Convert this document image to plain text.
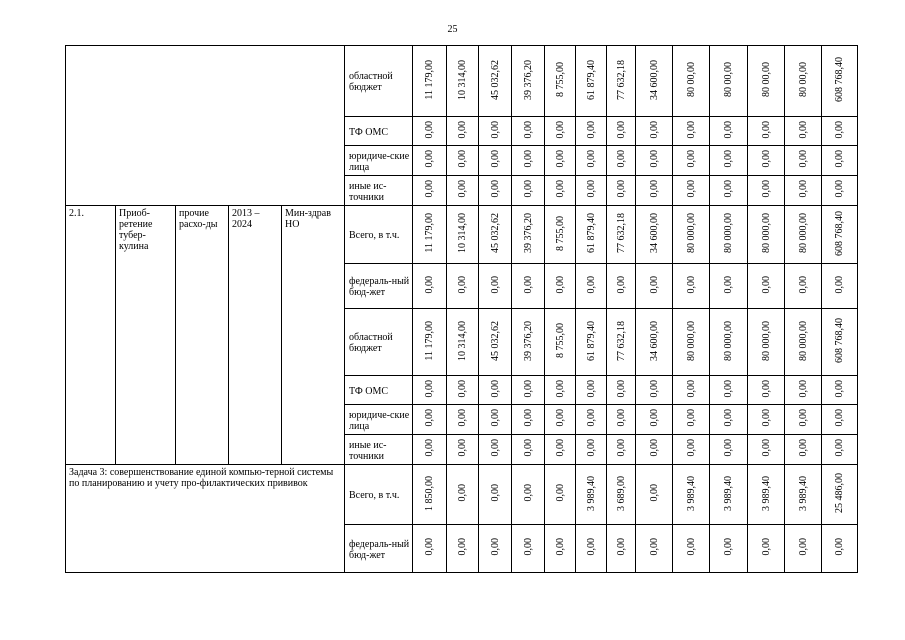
25
					областной бюджет	11 179,00	10 314,00	45 032,62	39 376,20	8 755,00	61 879,40	77 632,18	34 600,00	80 00,00	80 00,00	80 00,00	80 00,00	608 768,40
					ТФ ОМС	0,00	0,00	0,00	0,00	0,00	0,00	0,00	0,00	0,00	0,00	0,00	0,00	0,00
					юридиче-ские лица	0,00	0,00	0,00	0,00	0,00	0,00	0,00	0,00	0,00	0,00	0,00	0,00	0,00
					иные ис-точники	0,00	0,00	0,00	0,00	0,00	0,00	0,00	0,00	0,00	0,00	0,00	0,00	0,00
2.1.	Приоб-ретение тубер-кулина	прочие расхо-ды	2013 – 2024	Мин-здрав НО	Всего, в т.ч.	11 179,00	10 314,00	45 032,62	39 376,20	8 755,00	61 879,40	77 632,18	34 600,00	80 000,00	80 000,00	80 000,00	80 000,00	608 768,40
					федераль-ный бюд-жет	0,00	0,00	0,00	0,00	0,00	0,00	0,00	0,00	0,00	0,00	0,00	0,00	0,00
					областной бюджет	11 179,00	10 314,00	45 032,62	39 376,20	8 755,00	61 879,40	77 632,18	34 600,00	80 000,00	80 000,00	80 000,00	80 000,00	608 768,40
					ТФ ОМС	0,00	0,00	0,00	0,00	0,00	0,00	0,00	0,00	0,00	0,00	0,00	0,00	0,00
					юридиче-ские лица	0,00	0,00	0,00	0,00	0,00	0,00	0,00	0,00	0,00	0,00	0,00	0,00	0,00
					иные ис-точники	0,00	0,00	0,00	0,00	0,00	0,00	0,00	0,00	0,00	0,00	0,00	0,00	0,00
Задача 3: совершенствование единой компью-терной системы по планированию и учету про-филактических прививок					Всего, в т.ч.	1 850,00	0,00	0,00	0,00	0,00	3 989,40	3 689,00	0,00	3 989,40	3 989,40	3 989,40	3 989,40	25 486,00
					федераль-ный бюд-жет	0,00	0,00	0,00	0,00	0,00	0,00	0,00	0,00	0,00	0,00	0,00	0,00	0,00
